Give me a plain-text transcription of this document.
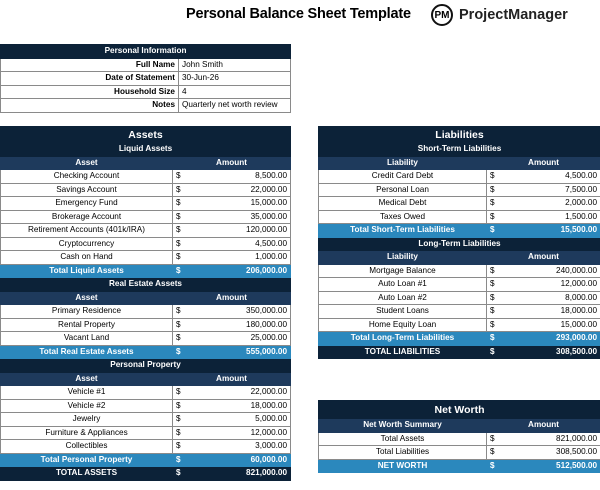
Personal Balance Sheet Template	PM ProjectManager
Personal Information	
Full Name	John Smith
Date of Statement	30-Jun-26
Household Size	4
Notes	Quarterly net worth review
Assets		
Liquid Assets		
Asset	Amount	
Checking Account	$	8,500.00
Savings Account	$	22,000.00
Emergency Fund	$	15,000.00
Brokerage Account	$	35,000.00
Retirement Accounts (401k/IRA)	$	120,000.00
Cryptocurrency	$	4,500.00
Cash on Hand	$	1,000.00
Total Liquid Assets	$	206,000.00
Real Estate Assets		
Asset	Amount	
Primary Residence	$	350,000.00
Rental Property	$	180,000.00
Vacant Land	$	25,000.00
Total Real Estate Assets	$	555,000.00
Personal Property		
Asset	Amount	
Vehicle #1	$	22,000.00
Vehicle #2	$	18,000.00
Jewelry	$	5,000.00
Furniture & Appliances	$	12,000.00
Collectibles	$	3,000.00
Total Personal Property	$	60,000.00
TOTAL ASSETS	$	821,000.00
Liabilities		
Short-Term Liabilities		
Liability	Amount	
Credit Card Debt	$	4,500.00
Personal Loan	$	7,500.00
Medical Debt	$	2,000.00
Taxes Owed	$	1,500.00
Total Short-Term Liabilities	$	15,500.00
Long-Term Liabilities		
Liability	Amount	
Mortgage Balance	$	240,000.00
Auto Loan #1	$	12,000.00
Auto Loan #2	$	8,000.00
Student Loans	$	18,000.00
Home Equity Loan	$	15,000.00
Total Long-Term Liabilities	$	293,000.00
TOTAL LIABILITIES	$	308,500.00
Net Worth		
Net Worth Summary	Amount	
Total Assets	$	821,000.00
Total Liabilities	$	308,500.00
NET WORTH	$	512,500.00
